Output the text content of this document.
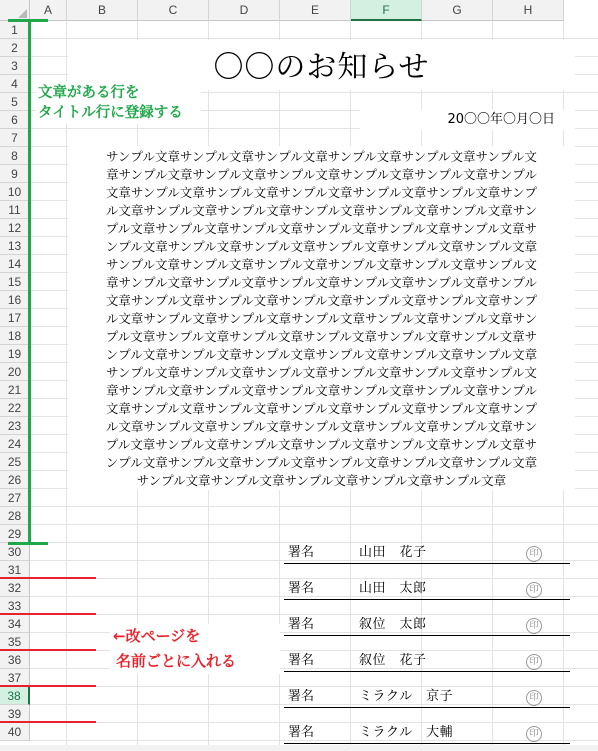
A	B	C	D	E	F	G	H
1
2
3
4
5
6
7
8
9
10
11
12
13
14
15
16
17
18
19
20
21
22
23
24
25
26
27
28
29
30
31
32
33
34
35
36
37
38
39
40
〇〇のお知らせ
20〇〇年〇月〇日
サンプル文章サンプル文章サンプル文章サンプル文章サンプル文章サンプル文
章サンプル文章サンプル文章サンプル文章サンプル文章サンプル文章サンプル
文章サンプル文章サンプル文章サンプル文章サンプル文章サンプル文章サンプ
ル文章サンプル文章サンプル文章サンプル文章サンプル文章サンプル文章サン
プル文章サンプル文章サンプル文章サンプル文章サンプル文章サンプル文章サ
ンプル文章サンプル文章サンプル文章サンプル文章サンプル文章サンプル文章
サンプル文章サンプル文章サンプル文章サンプル文章サンプル文章サンプル文
章サンプル文章サンプル文章サンプル文章サンプル文章サンプル文章サンプル
文章サンプル文章サンプル文章サンプル文章サンプル文章サンプル文章サンプ
ル文章サンプル文章サンプル文章サンプル文章サンプル文章サンプル文章サン
プル文章サンプル文章サンプル文章サンプル文章サンプル文章サンプル文章サ
ンプル文章サンプル文章サンプル文章サンプル文章サンプル文章サンプル文章
サンプル文章サンプル文章サンプル文章サンプル文章サンプル文章サンプル文
章サンプル文章サンプル文章サンプル文章サンプル文章サンプル文章サンプル
文章サンプル文章サンプル文章サンプル文章サンプル文章サンプル文章サンプ
ル文章サンプル文章サンプル文章サンプル文章サンプル文章サンプル文章サン
プル文章サンプル文章サンプル文章サンプル文章サンプル文章サンプル文章サ
ンプル文章サンプル文章サンプル文章サンプル文章サンプル文章サンプル文章
サンプル文章サンプル文章サンプル文章サンプル文章サンプル文章
文章がある行を
タイトル行に登録する
←改ページを
名前ごとに入れる
署名	山田　花子	印
署名	山田　太郎	印
署名	叙位　太郎	印
署名	叙位　花子	印
署名	ミラクル　京子	印
署名	ミラクル　大輔	印
